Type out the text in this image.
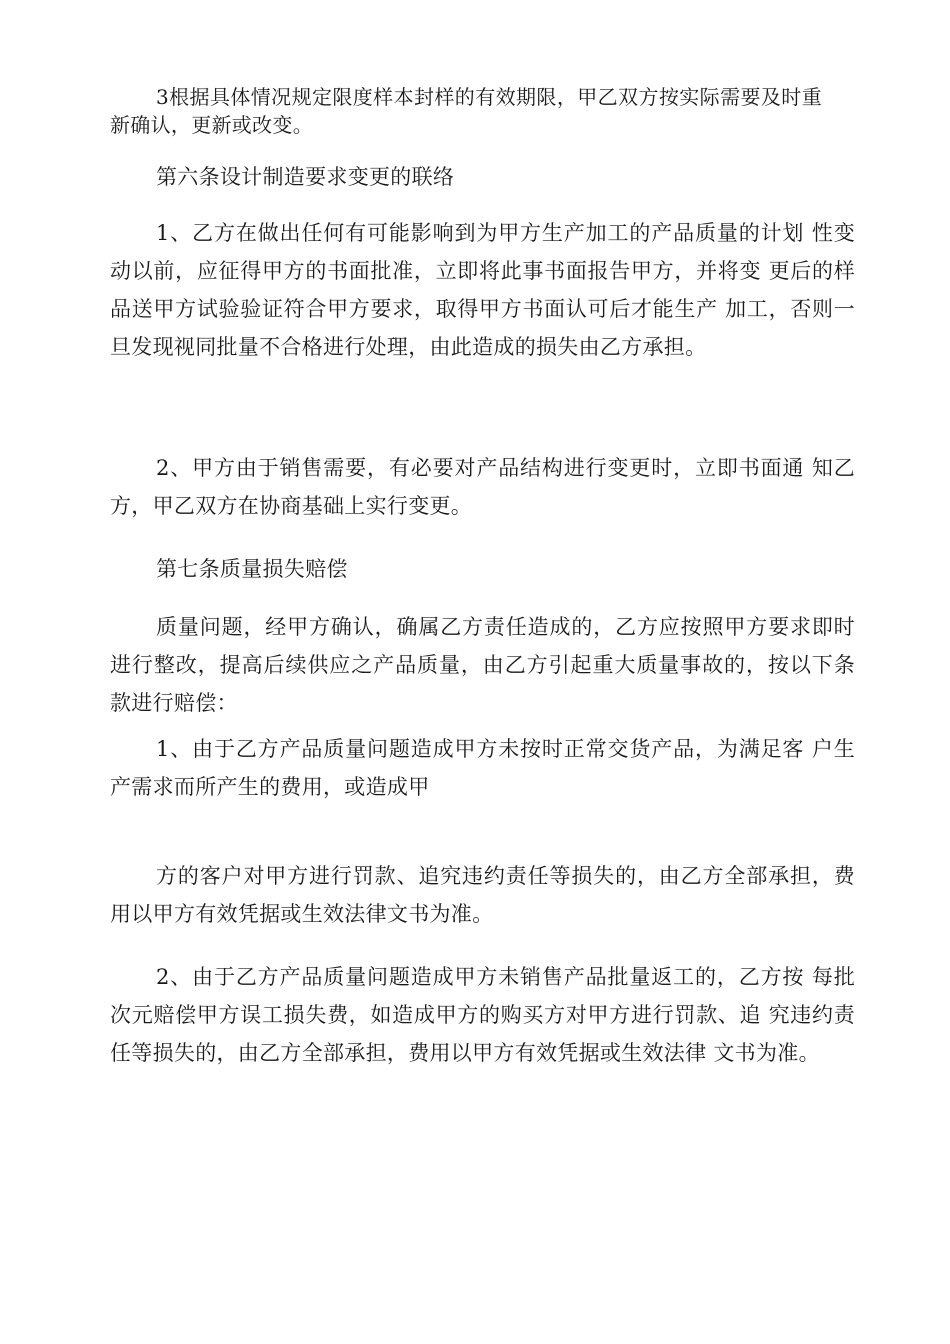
3根据具体情况规定限度样本封样的有效期限，甲乙双方按实际需要及时重新确认，更新或改变。

第六条设计制造要求变更的联络

1、乙方在做出任何有可能影响到为甲方生产加工的产品质量的计划 性变动以前，应征得甲方的书面批准，立即将此事书面报告甲方，并将变 更后的样品送甲方试验验证符合甲方要求，取得甲方书面认可后才能生产 加工，否则一旦发现视同批量不合格进行处理，由此造成的损失由乙方承担。

2、甲方由于销售需要，有必要对产品结构进行变更时，立即书面通 知乙方，甲乙双方在协商基础上实行变更。

第七条质量损失赔偿

质量问题，经甲方确认，确属乙方责任造成的，乙方应按照甲方要求即时进行整改，提高后续供应之产品质量，由乙方引起重大质量事故的，按以下条款进行赔偿：

1、由于乙方产品质量问题造成甲方未按时正常交货产品，为满足客 户生产需求而所产生的费用，或造成甲

方的客户对甲方进行罚款、追究违约责任等损失的，由乙方全部承担，费用以甲方有效凭据或生效法律文书为准。

2、由于乙方产品质量问题造成甲方未销售产品批量返工的，乙方按 每批次元赔偿甲方误工损失费，如造成甲方的购买方对甲方进行罚款、追 究违约责任等损失的，由乙方全部承担，费用以甲方有效凭据或生效法律 文书为准。
